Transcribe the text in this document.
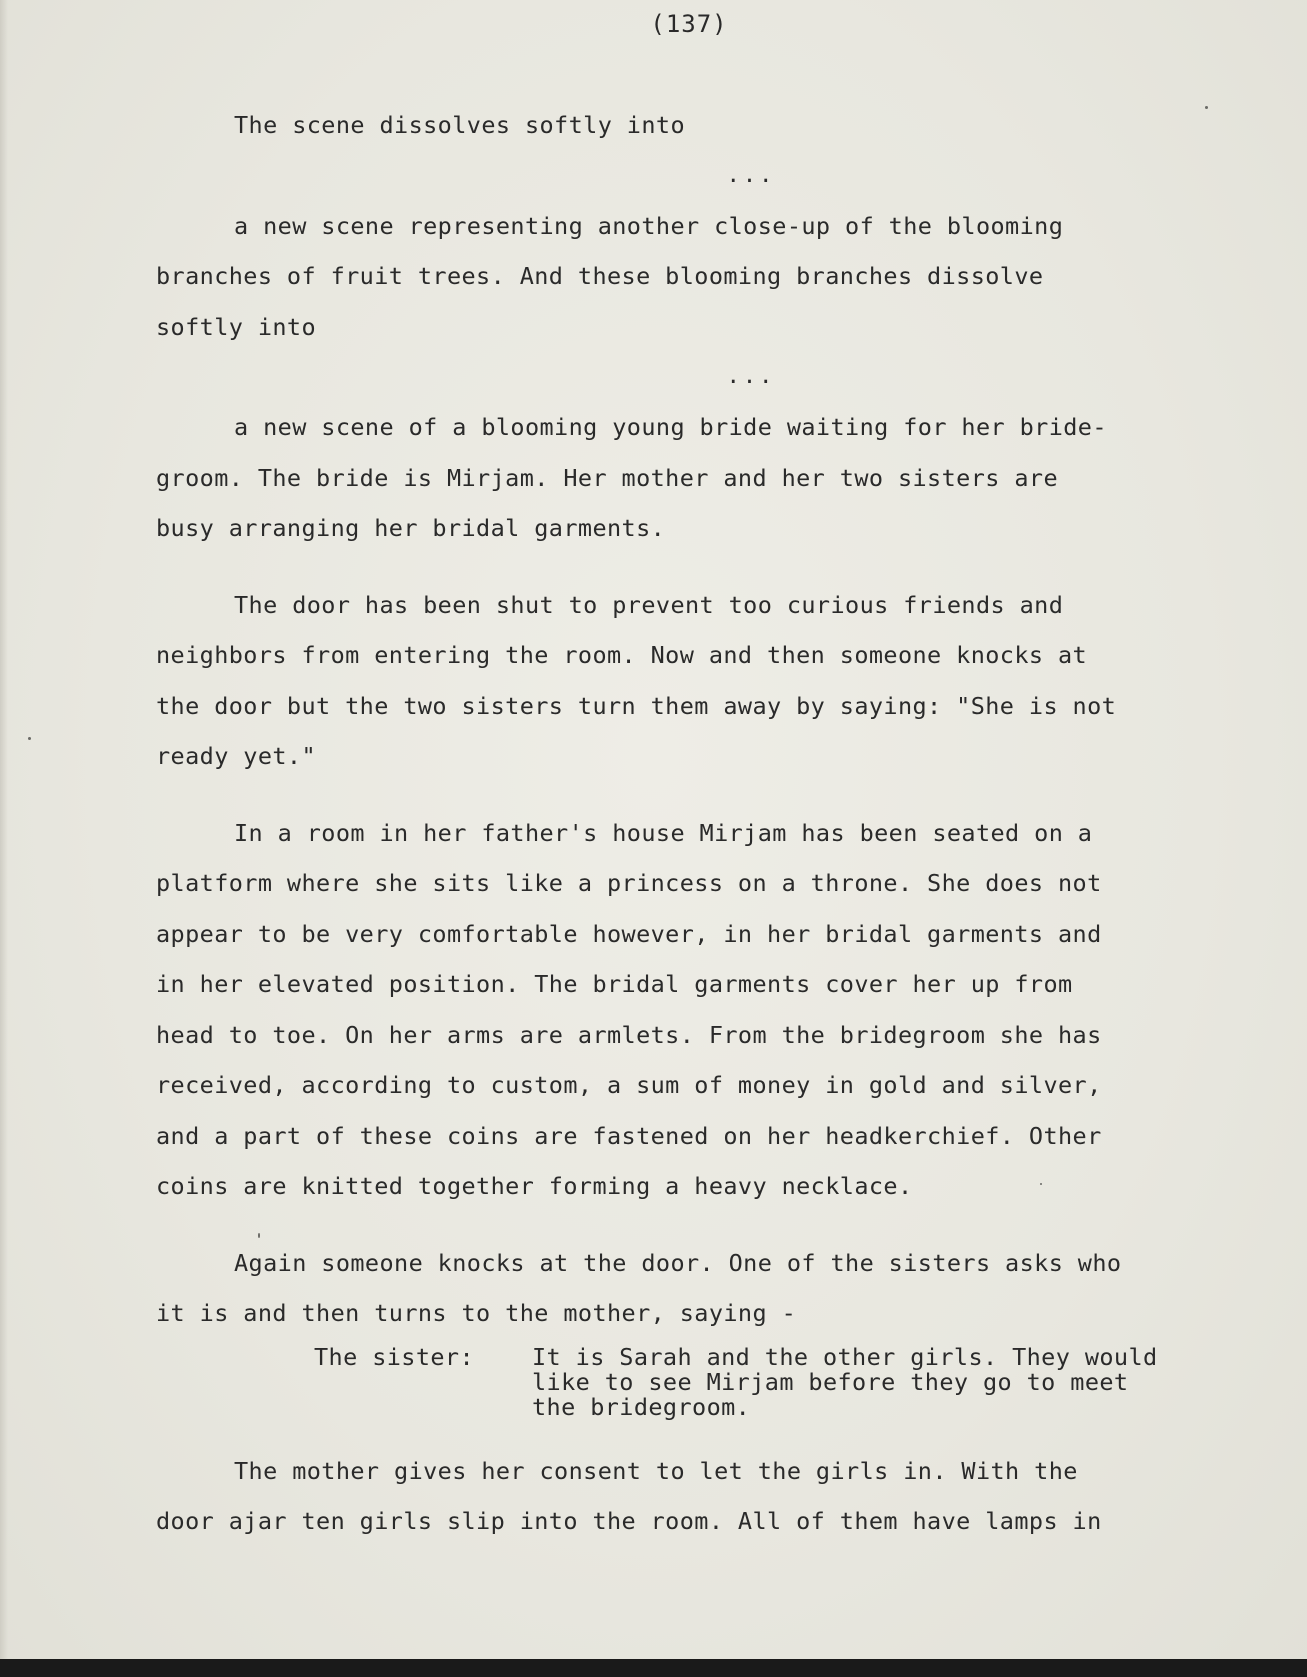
(137)

The scene dissolves softly into

...

a new scene representing another close-up of the blooming
branches of fruit trees. And these blooming branches dissolve
softly into

...

a new scene of a blooming young bride waiting for her bride-
groom. The bride is Mirjam. Her mother and her two sisters are
busy arranging her bridal garments.

The door has been shut to prevent too curious friends and
neighbors from entering the room. Now and then someone knocks at
the door but the two sisters turn them away by saying: "She is not
ready yet."

In a room in her father's house Mirjam has been seated on a
platform where she sits like a princess on a throne. She does not
appear to be very comfortable however, in her bridal garments and
in her elevated position. The bridal garments cover her up from
head to toe. On her arms are armlets. From the bridegroom she has
received, according to custom, a sum of money in gold and silver,
and a part of these coins are fastened on her headkerchief. Other
coins are knitted together forming a heavy necklace.

Again someone knocks at the door. One of the sisters asks who
it is and then turns to the mother, saying -

The sister:	It is Sarah and the other girls. They would
like to see Mirjam before they go to meet
the bridegroom.

The mother gives her consent to let the girls in. With the
door ajar ten girls slip into the room. All of them have lamps in
